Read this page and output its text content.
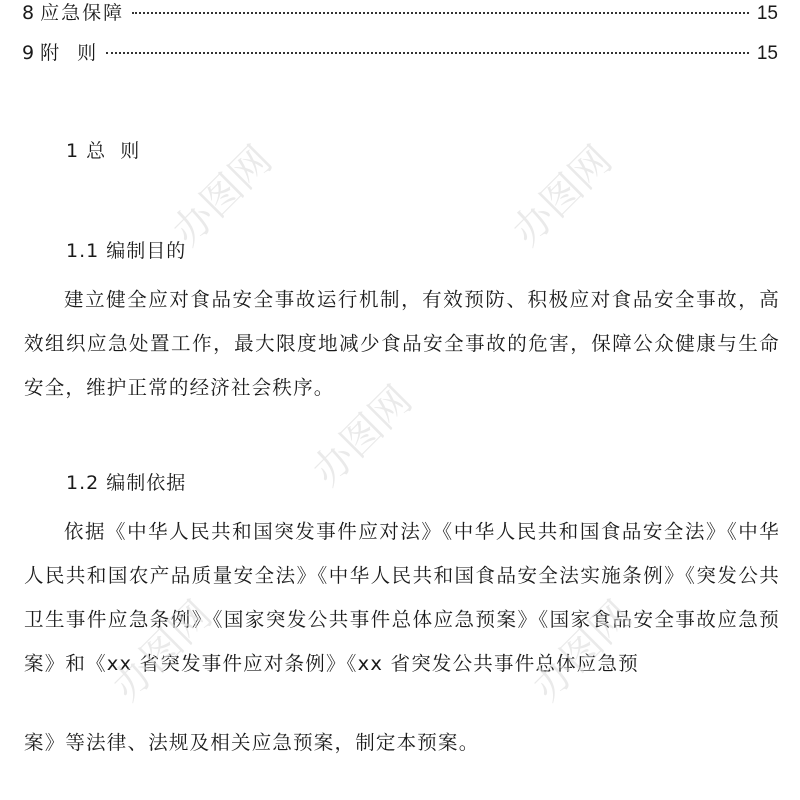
8 应急保障	15
9 附  则	15
1 总  则
1.1 编制目的

建立健全应对食品安全事故运行机制，有效预防、积极应对食品安全事故，高效组织应急处置工作，最大限度地减少食品安全事故的危害，保障公众健康与生命安全，维护正常的经济社会秩序。

1.2 编制依据

依据《中华人民共和国突发事件应对法》《中华人民共和国食品安全法》《中华人民共和国农产品质量安全法》《中华人民共和国食品安全法实施条例》《突发公共卫生事件应急条例》《国家突发公共事件总体应急预案》《国家食品安全事故应急预案》和《xx 省突发事件应对条例》《xx 省突发公共事件总体应急预

案》等法律、法规及相关应急预案，制定本预案。

办图网	办图网
办图网
办图网	办图网
